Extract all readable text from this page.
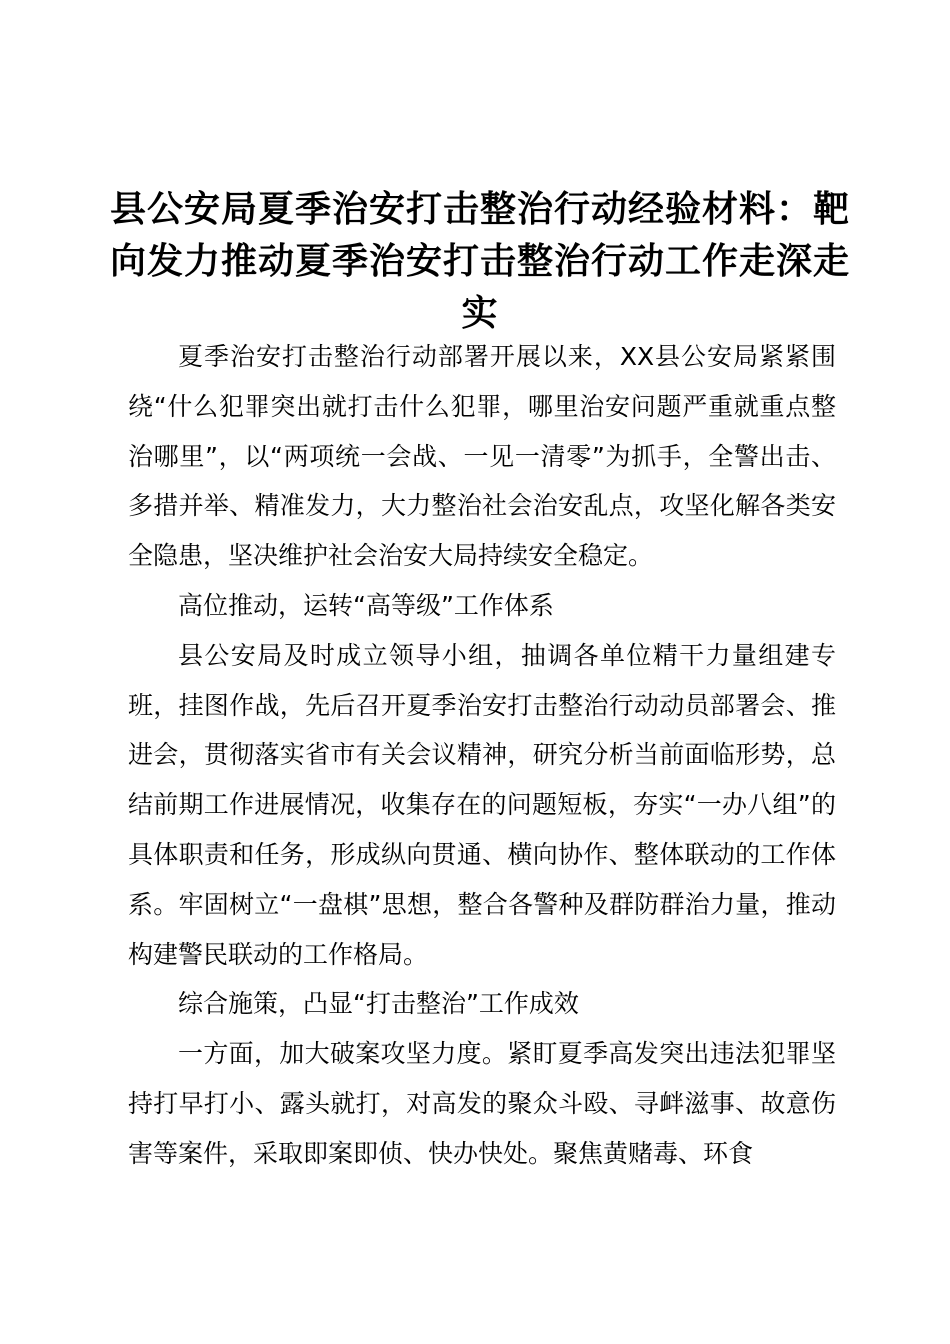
县公安局夏季治安打击整治行动经验材料：靶向发力推动夏季治安打击整治行动工作走深走实

夏季治安打击整治行动部署开展以来，XX县公安局紧紧围绕“什么犯罪突出就打击什么犯罪，哪里治安问题严重就重点整治哪里”，以“两项统一会战、一见一清零”为抓手，全警出击、多措并举、精准发力，大力整治社会治安乱点，攻坚化解各类安全隐患，坚决维护社会治安大局持续安全稳定。

高位推动，运转“高等级”工作体系

县公安局及时成立领导小组，抽调各单位精干力量组建专班，挂图作战，先后召开夏季治安打击整治行动动员部署会、推进会，贯彻落实省市有关会议精神，研究分析当前面临形势，总结前期工作进展情况，收集存在的问题短板，夯实“一办八组”的具体职责和任务，形成纵向贯通、横向协作、整体联动的工作体系。牢固树立“一盘棋”思想，整合各警种及群防群治力量，推动构建警民联动的工作格局。

综合施策，凸显“打击整治”工作成效

一方面，加大破案攻坚力度。紧盯夏季高发突出违法犯罪坚持打早打小、露头就打，对高发的聚众斗殴、寻衅滋事、故意伤害等案件，采取即案即侦、快办快处。聚焦黄赌毒、环食
